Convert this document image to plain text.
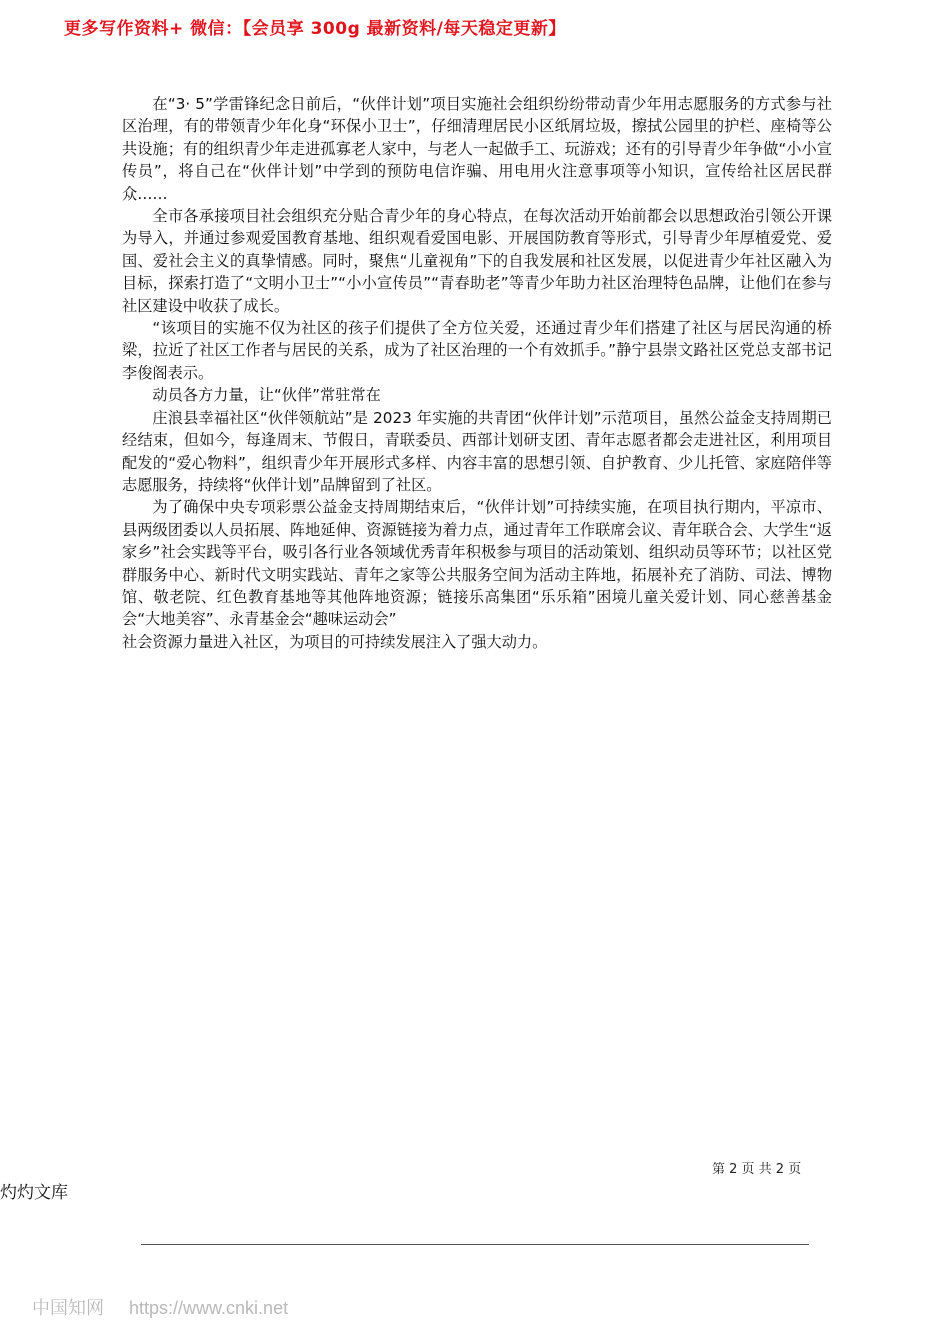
更多写作资料+ 微信：【会员享 300g 最新资料/每天稳定更新】

在“3· 5”学雷锋纪念日前后，“伙伴计划”项目实施社会组织纷纷带动青少年用志愿服务的方式参与社区治理，有的带领青少年化身“环保小卫士”，仔细清理居民小区纸屑垃圾，擦拭公园里的护栏、座椅等公共设施；有的组织青少年走进孤寡老人家中，与老人一起做手工、玩游戏；还有的引导青少年争做“小小宣传员”，将自己在“伙伴计划”中学到的预防电信诈骗、用电用火注意事项等小知识，宣传给社区居民群众……

全市各承接项目社会组织充分贴合青少年的身心特点，在每次活动开始前都会以思想政治引领公开课为导入，并通过参观爱国教育基地、组织观看爱国电影、开展国防教育等形式，引导青少年厚植爱党、爱国、爱社会主义的真挚情感。同时，聚焦“儿童视角”下的自我发展和社区发展，以促进青少年社区融入为目标，探索打造了“文明小卫士”“小小宣传员”“青春助老”等青少年助力社区治理特色品牌，让他们在参与社区建设中收获了成长。

“该项目的实施不仅为社区的孩子们提供了全方位关爱，还通过青少年们搭建了社区与居民沟通的桥梁，拉近了社区工作者与居民的关系，成为了社区治理的一个有效抓手。”静宁县崇文路社区党总支部书记李俊阁表示。

动员各方力量，让“伙伴”常驻常在

庄浪县幸福社区“伙伴领航站”是 2023 年实施的共青团“伙伴计划”示范项目，虽然公益金支持周期已经结束，但如今，每逢周末、节假日，青联委员、西部计划研支团、青年志愿者都会走进社区，利用项目配发的“爱心物料”，组织青少年开展形式多样、内容丰富的思想引领、自护教育、少儿托管、家庭陪伴等志愿服务，持续将“伙伴计划”品牌留到了社区。

为了确保中央专项彩票公益金支持周期结束后，“伙伴计划”可持续实施，在项目执行期内，平凉市、县两级团委以人员拓展、阵地延伸、资源链接为着力点，通过青年工作联席会议、青年联合会、大学生“返家乡”社会实践等平台，吸引各行业各领域优秀青年积极参与项目的活动策划、组织动员等环节；以社区党群服务中心、新时代文明实践站、青年之家等公共服务空间为活动主阵地，拓展补充了消防、司法、博物馆、敬老院、红色教育基地等其他阵地资源；链接乐高集团“乐乐箱”困境儿童关爱计划、同心慈善基金会“大地美容”、永青基金会“趣味运动会”

社会资源力量进入社区，为项目的可持续发展注入了强大动力。

第 2 页 共 2 页
灼灼文库
中国知网 https://www.cnki.net
